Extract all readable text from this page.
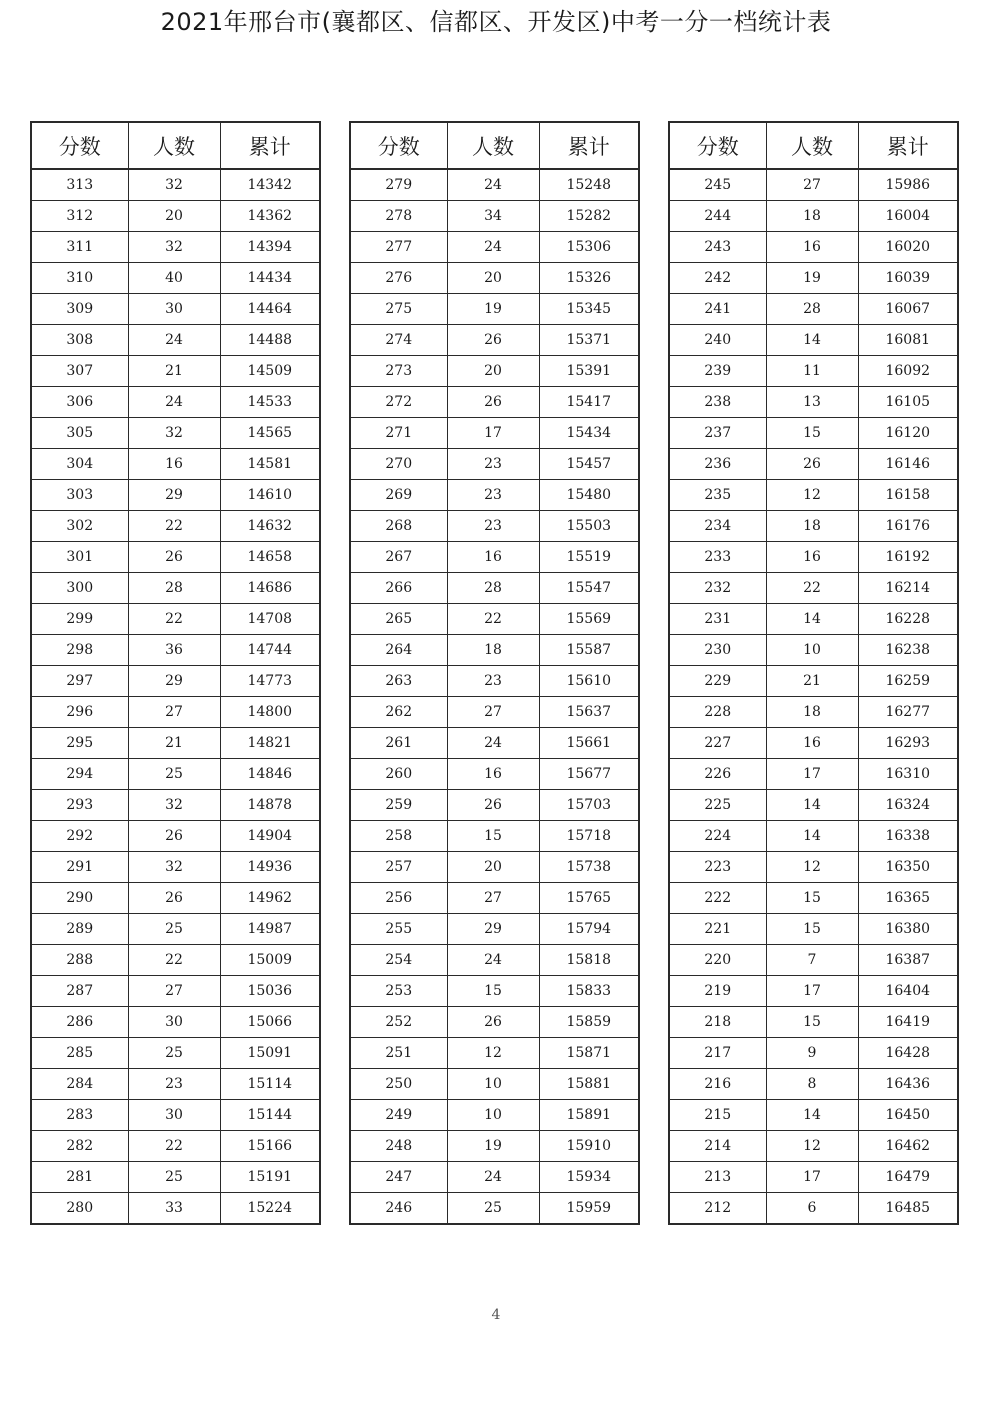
2021年邢台市(襄都区、信都区、开发区)中考一分一档统计表
分数	人数	累计
313	32	14342
312	20	14362
311	32	14394
310	40	14434
309	30	14464
308	24	14488
307	21	14509
306	24	14533
305	32	14565
304	16	14581
303	29	14610
302	22	14632
301	26	14658
300	28	14686
299	22	14708
298	36	14744
297	29	14773
296	27	14800
295	21	14821
294	25	14846
293	32	14878
292	26	14904
291	32	14936
290	26	14962
289	25	14987
288	22	15009
287	27	15036
286	30	15066
285	25	15091
284	23	15114
283	30	15144
282	22	15166
281	25	15191
280	33	15224
分数	人数	累计
279	24	15248
278	34	15282
277	24	15306
276	20	15326
275	19	15345
274	26	15371
273	20	15391
272	26	15417
271	17	15434
270	23	15457
269	23	15480
268	23	15503
267	16	15519
266	28	15547
265	22	15569
264	18	15587
263	23	15610
262	27	15637
261	24	15661
260	16	15677
259	26	15703
258	15	15718
257	20	15738
256	27	15765
255	29	15794
254	24	15818
253	15	15833
252	26	15859
251	12	15871
250	10	15881
249	10	15891
248	19	15910
247	24	15934
246	25	15959
分数	人数	累计
245	27	15986
244	18	16004
243	16	16020
242	19	16039
241	28	16067
240	14	16081
239	11	16092
238	13	16105
237	15	16120
236	26	16146
235	12	16158
234	18	16176
233	16	16192
232	22	16214
231	14	16228
230	10	16238
229	21	16259
228	18	16277
227	16	16293
226	17	16310
225	14	16324
224	14	16338
223	12	16350
222	15	16365
221	15	16380
220	7	16387
219	17	16404
218	15	16419
217	9	16428
216	8	16436
215	14	16450
214	12	16462
213	17	16479
212	6	16485
4
